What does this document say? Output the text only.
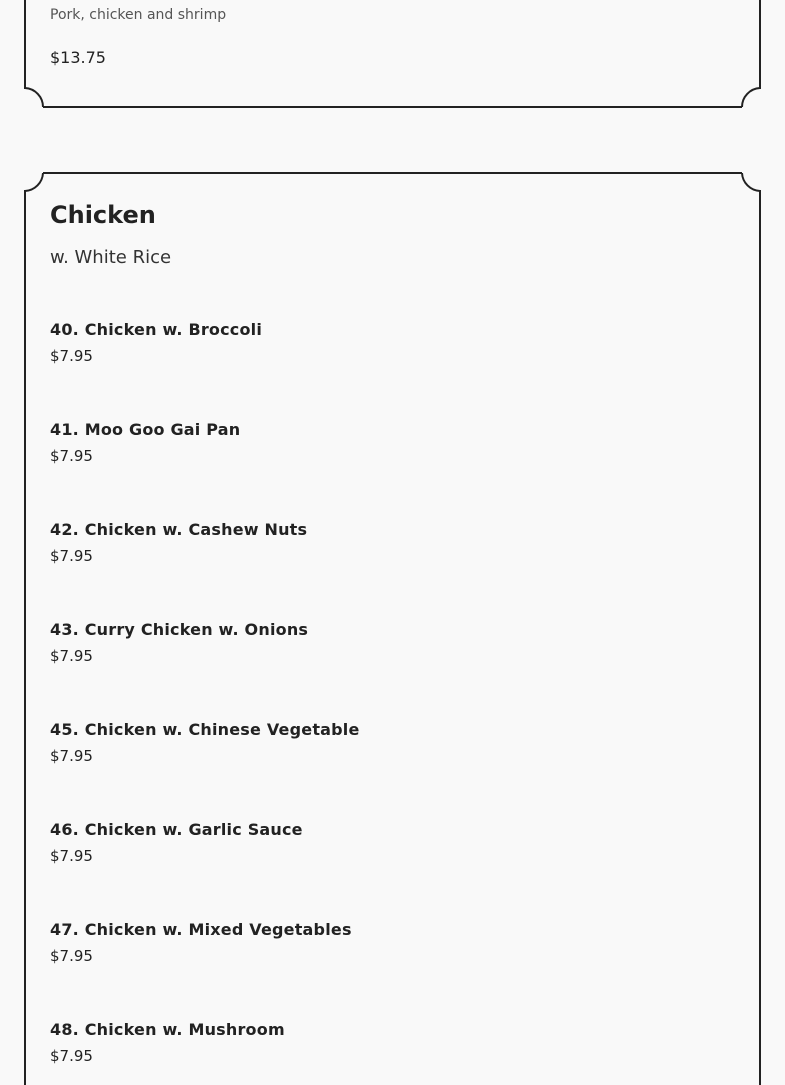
Pork, chicken and shrimp
$13.75
Chicken
w. White Rice
40. Chicken w. Broccoli
$7.95
41. Moo Goo Gai Pan
$7.95
42. Chicken w. Cashew Nuts
$7.95
43. Curry Chicken w. Onions
$7.95
45. Chicken w. Chinese Vegetable
$7.95
46. Chicken w. Garlic Sauce
$7.95
47. Chicken w. Mixed Vegetables
$7.95
48. Chicken w. Mushroom
$7.95
